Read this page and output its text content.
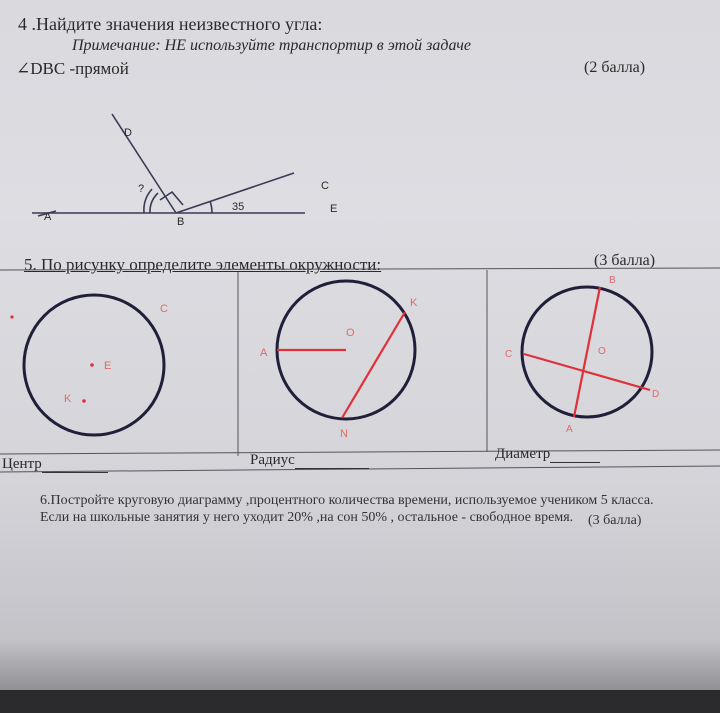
4 .Найдите значения неизвестного угла:
Примечание: НЕ используйте транспортир в этой задаче
∠DBC -прямой	(2 балла)
5. По рисунку определите элементы окружности:	(3 балла)
D
C
A	B
E
?
35
C
E
K
A
O
K
N
B
C	O
D
A
Центр	Радиус	Диаметр
6.Постройте круговую диаграмму ,процентного количества времени, используемое учеником 5 класса. Если на школьные занятия у него уходит 20% ,на сон 50% , остальное - свободное время. (3 балла)
